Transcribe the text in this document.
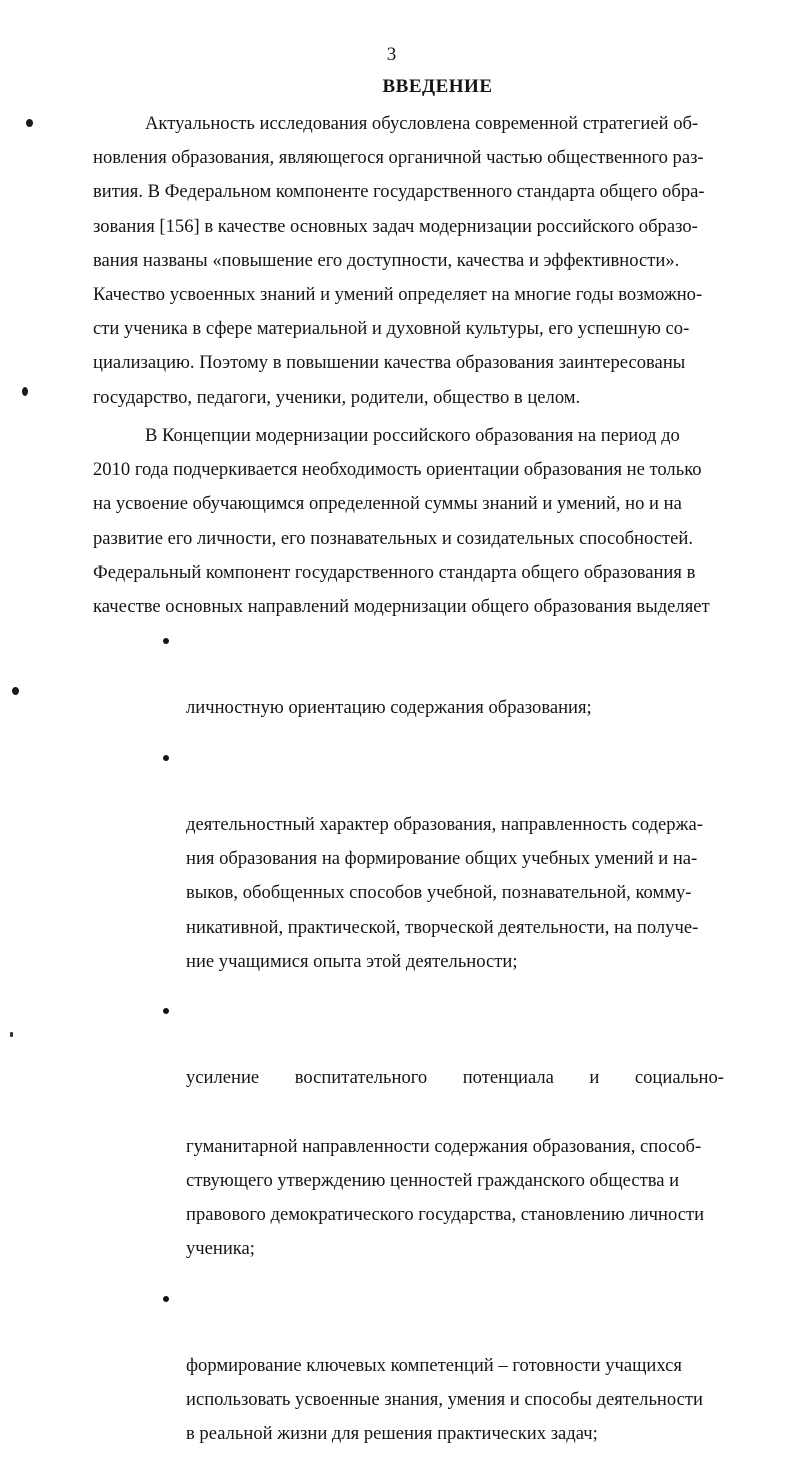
3
ВВЕДЕНИЕ

Актуальность исследования обусловлена современной стратегией об-
новления образования, являющегося органичной частью общественного раз-
вития. В Федеральном компоненте государственного стандарта общего обра-
зования [156] в качестве основных задач модернизации российского образо-
вания названы «повышение его доступности, качества и эффективности».
Качество усвоенных знаний и умений определяет на многие годы возможно-
сти ученика в сфере материальной и духовной культуры, его успешную со-
циализацию. Поэтому в повышении качества образования заинтересованы
государство, педагоги, ученики, родители, общество в целом.

В Концепции модернизации российского образования на период до
2010 года подчеркивается необходимость ориентации образования не только
на усвоение обучающимся определенной суммы знаний и умений, но и на
развитие его личности, его познавательных и созидательных способностей.
Федеральный компонент государственного стандарта общего образования в
качестве основных направлений модернизации общего образования выделяет

личностную ориентацию содержания образования;

деятельностный характер образования, направленность содержа-
ния образования на формирование общих учебных умений и на-
выков, обобщенных способов учебной, познавательной, комму-
никативной, практической, творческой деятельности, на получе-
ние учащимися опыта этой деятельности;

усиление воспитательного потенциала и социально-

гуманитарной направленности содержания образования, способ-
ствующего утверждению ценностей гражданского общества и
правового демократического государства, становлению личности
ученика;

формирование ключевых компетенций – готовности учащихся
использовать усвоенные знания, умения и способы деятельности
в реальной жизни для решения практических задач;
